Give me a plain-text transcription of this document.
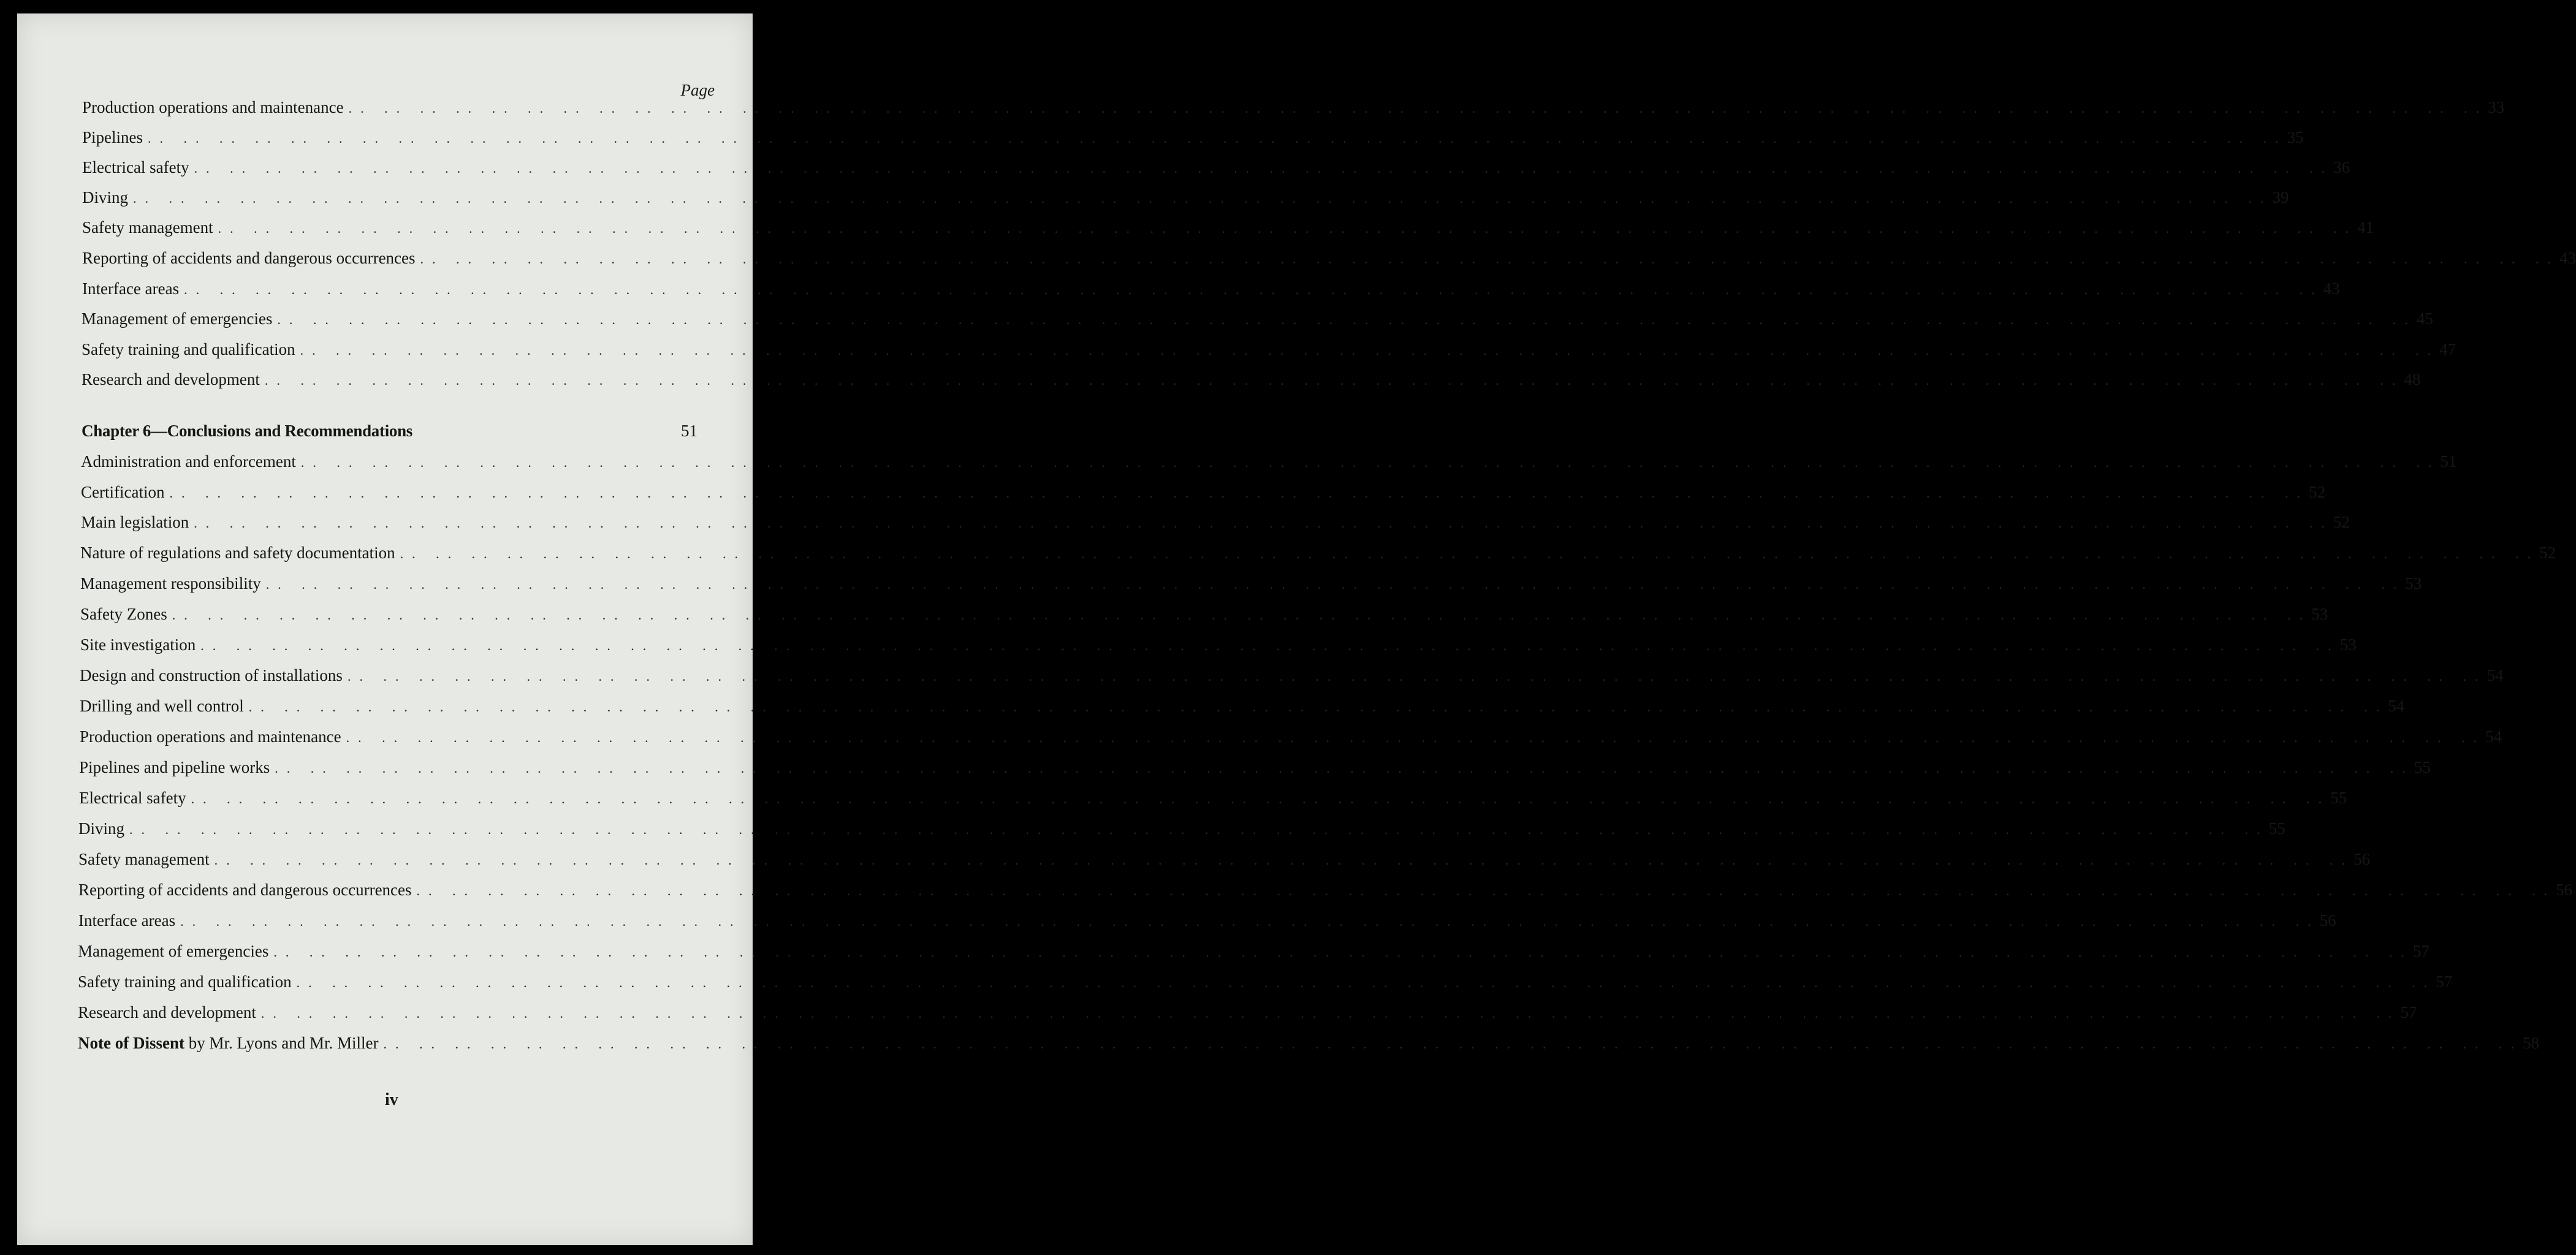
Page
Production operations and maintenance .. .. .. .. .. .. .. .. .. .. .. .. .. .. .. .. .. .. .. .. .. .. .. .. .. .. .. .. .. .. .. .. .. .. .. .. .. .. .. .. .. .. .. .. .. .. .. .. .. .. .. .. .. .. .. .. .. .. .. .. 33
Pipelines .. .. .. .. .. .. .. .. .. .. .. .. .. .. .. .. .. .. .. .. .. .. .. .. .. .. .. .. .. .. .. .. .. .. .. .. .. .. .. .. .. .. .. .. .. .. .. .. .. .. .. .. .. .. .. .. .. .. .. .. 35
Electrical safety .. .. .. .. .. .. .. .. .. .. .. .. .. .. .. .. .. .. .. .. .. .. .. .. .. .. .. .. .. .. .. .. .. .. .. .. .. .. .. .. .. .. .. .. .. .. .. .. .. .. .. .. .. .. .. .. .. .. .. .. 36
Diving .. .. .. .. .. .. .. .. .. .. .. .. .. .. .. .. .. .. .. .. .. .. .. .. .. .. .. .. .. .. .. .. .. .. .. .. .. .. .. .. .. .. .. .. .. .. .. .. .. .. .. .. .. .. .. .. .. .. .. .. 39
Safety management .. .. .. .. .. .. .. .. .. .. .. .. .. .. .. .. .. .. .. .. .. .. .. .. .. .. .. .. .. .. .. .. .. .. .. .. .. .. .. .. .. .. .. .. .. .. .. .. .. .. .. .. .. .. .. .. .. .. .. .. 41
Reporting of accidents and dangerous occurrences .. .. .. .. .. .. .. .. .. .. .. .. .. .. .. .. .. .. .. .. .. .. .. .. .. .. .. .. .. .. .. .. .. .. .. .. .. .. .. .. .. .. .. .. .. .. .. .. .. .. .. .. .. .. .. .. .. .. .. .. 43
Interface areas .. .. .. .. .. .. .. .. .. .. .. .. .. .. .. .. .. .. .. .. .. .. .. .. .. .. .. .. .. .. .. .. .. .. .. .. .. .. .. .. .. .. .. .. .. .. .. .. .. .. .. .. .. .. .. .. .. .. .. .. 43
Management of emergencies .. .. .. .. .. .. .. .. .. .. .. .. .. .. .. .. .. .. .. .. .. .. .. .. .. .. .. .. .. .. .. .. .. .. .. .. .. .. .. .. .. .. .. .. .. .. .. .. .. .. .. .. .. .. .. .. .. .. .. .. 45
Safety training and qualification .. .. .. .. .. .. .. .. .. .. .. .. .. .. .. .. .. .. .. .. .. .. .. .. .. .. .. .. .. .. .. .. .. .. .. .. .. .. .. .. .. .. .. .. .. .. .. .. .. .. .. .. .. .. .. .. .. .. .. .. 47
Research and development .. .. .. .. .. .. .. .. .. .. .. .. .. .. .. .. .. .. .. .. .. .. .. .. .. .. .. .. .. .. .. .. .. .. .. .. .. .. .. .. .. .. .. .. .. .. .. .. .. .. .. .. .. .. .. .. .. .. .. .. 48
Chapter 6—Conclusions and Recommendations	51
Administration and enforcement .. .. .. .. .. .. .. .. .. .. .. .. .. .. .. .. .. .. .. .. .. .. .. .. .. .. .. .. .. .. .. .. .. .. .. .. .. .. .. .. .. .. .. .. .. .. .. .. .. .. .. .. .. .. .. .. .. .. .. .. 51
Certification .. .. .. .. .. .. .. .. .. .. .. .. .. .. .. .. .. .. .. .. .. .. .. .. .. .. .. .. .. .. .. .. .. .. .. .. .. .. .. .. .. .. .. .. .. .. .. .. .. .. .. .. .. .. .. .. .. .. .. .. 52
Main legislation .. .. .. .. .. .. .. .. .. .. .. .. .. .. .. .. .. .. .. .. .. .. .. .. .. .. .. .. .. .. .. .. .. .. .. .. .. .. .. .. .. .. .. .. .. .. .. .. .. .. .. .. .. .. .. .. .. .. .. .. 52
Nature of regulations and safety documentation .. .. .. .. .. .. .. .. .. .. .. .. .. .. .. .. .. .. .. .. .. .. .. .. .. .. .. .. .. .. .. .. .. .. .. .. .. .. .. .. .. .. .. .. .. .. .. .. .. .. .. .. .. .. .. .. .. .. .. .. 52
Management responsibility .. .. .. .. .. .. .. .. .. .. .. .. .. .. .. .. .. .. .. .. .. .. .. .. .. .. .. .. .. .. .. .. .. .. .. .. .. .. .. .. .. .. .. .. .. .. .. .. .. .. .. .. .. .. .. .. .. .. .. .. 53
Safety Zones .. .. .. .. .. .. .. .. .. .. .. .. .. .. .. .. .. .. .. .. .. .. .. .. .. .. .. .. .. .. .. .. .. .. .. .. .. .. .. .. .. .. .. .. .. .. .. .. .. .. .. .. .. .. .. .. .. .. .. .. 53
Site investigation .. .. .. .. .. .. .. .. .. .. .. .. .. .. .. .. .. .. .. .. .. .. .. .. .. .. .. .. .. .. .. .. .. .. .. .. .. .. .. .. .. .. .. .. .. .. .. .. .. .. .. .. .. .. .. .. .. .. .. .. 53
Design and construction of installations .. .. .. .. .. .. .. .. .. .. .. .. .. .. .. .. .. .. .. .. .. .. .. .. .. .. .. .. .. .. .. .. .. .. .. .. .. .. .. .. .. .. .. .. .. .. .. .. .. .. .. .. .. .. .. .. .. .. .. .. 54
Drilling and well control .. .. .. .. .. .. .. .. .. .. .. .. .. .. .. .. .. .. .. .. .. .. .. .. .. .. .. .. .. .. .. .. .. .. .. .. .. .. .. .. .. .. .. .. .. .. .. .. .. .. .. .. .. .. .. .. .. .. .. .. 54
Production operations and maintenance .. .. .. .. .. .. .. .. .. .. .. .. .. .. .. .. .. .. .. .. .. .. .. .. .. .. .. .. .. .. .. .. .. .. .. .. .. .. .. .. .. .. .. .. .. .. .. .. .. .. .. .. .. .. .. .. .. .. .. .. 54
Pipelines and pipeline works .. .. .. .. .. .. .. .. .. .. .. .. .. .. .. .. .. .. .. .. .. .. .. .. .. .. .. .. .. .. .. .. .. .. .. .. .. .. .. .. .. .. .. .. .. .. .. .. .. .. .. .. .. .. .. .. .. .. .. .. 55
Electrical safety .. .. .. .. .. .. .. .. .. .. .. .. .. .. .. .. .. .. .. .. .. .. .. .. .. .. .. .. .. .. .. .. .. .. .. .. .. .. .. .. .. .. .. .. .. .. .. .. .. .. .. .. .. .. .. .. .. .. .. .. 55
Diving .. .. .. .. .. .. .. .. .. .. .. .. .. .. .. .. .. .. .. .. .. .. .. .. .. .. .. .. .. .. .. .. .. .. .. .. .. .. .. .. .. .. .. .. .. .. .. .. .. .. .. .. .. .. .. .. .. .. .. .. 55
Safety management .. .. .. .. .. .. .. .. .. .. .. .. .. .. .. .. .. .. .. .. .. .. .. .. .. .. .. .. .. .. .. .. .. .. .. .. .. .. .. .. .. .. .. .. .. .. .. .. .. .. .. .. .. .. .. .. .. .. .. .. 56
Reporting of accidents and dangerous occurrences .. .. .. .. .. .. .. .. .. .. .. .. .. .. .. .. .. .. .. .. .. .. .. .. .. .. .. .. .. .. .. .. .. .. .. .. .. .. .. .. .. .. .. .. .. .. .. .. .. .. .. .. .. .. .. .. .. .. .. .. 56
Interface areas .. .. .. .. .. .. .. .. .. .. .. .. .. .. .. .. .. .. .. .. .. .. .. .. .. .. .. .. .. .. .. .. .. .. .. .. .. .. .. .. .. .. .. .. .. .. .. .. .. .. .. .. .. .. .. .. .. .. .. .. 56
Management of emergencies .. .. .. .. .. .. .. .. .. .. .. .. .. .. .. .. .. .. .. .. .. .. .. .. .. .. .. .. .. .. .. .. .. .. .. .. .. .. .. .. .. .. .. .. .. .. .. .. .. .. .. .. .. .. .. .. .. .. .. .. 57
Safety training and qualification .. .. .. .. .. .. .. .. .. .. .. .. .. .. .. .. .. .. .. .. .. .. .. .. .. .. .. .. .. .. .. .. .. .. .. .. .. .. .. .. .. .. .. .. .. .. .. .. .. .. .. .. .. .. .. .. .. .. .. .. 57
Research and development .. .. .. .. .. .. .. .. .. .. .. .. .. .. .. .. .. .. .. .. .. .. .. .. .. .. .. .. .. .. .. .. .. .. .. .. .. .. .. .. .. .. .. .. .. .. .. .. .. .. .. .. .. .. .. .. .. .. .. .. 57
Note of Dissent by Mr. Lyons and Mr. Miller .. .. .. .. .. .. .. .. .. .. .. .. .. .. .. .. .. .. .. .. .. .. .. .. .. .. .. .. .. .. .. .. .. .. .. .. .. .. .. .. .. .. .. .. .. .. .. .. .. .. .. .. .. .. .. .. .. .. .. .. 58
iv
